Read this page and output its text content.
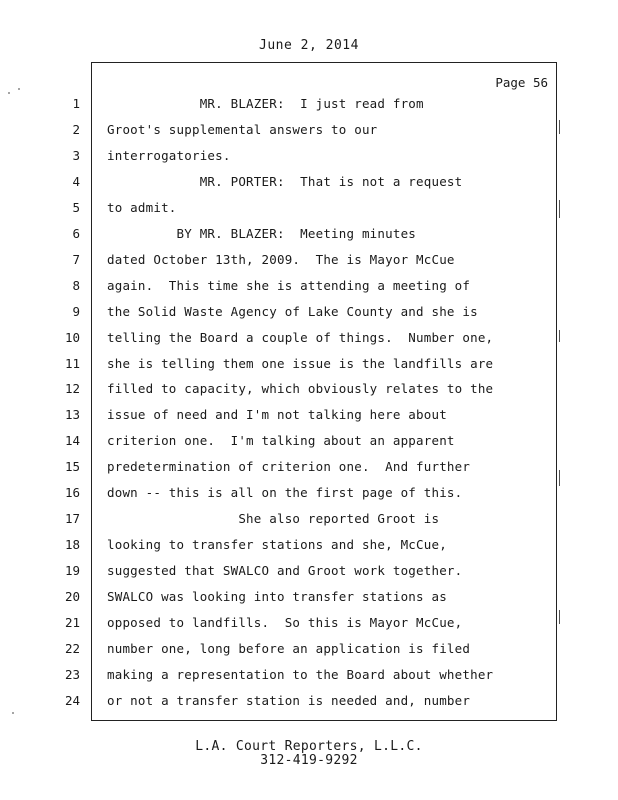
June 2, 2014
Page 56
1 MR. BLAZER:  I just read from
2 Groot's supplemental answers to our
3 interrogatories.
4 MR. PORTER:  That is not a request
5 to admit.
6 BY MR. BLAZER:  Meeting minutes
7 dated October 13th, 2009.  The is Mayor McCue
8 again.  This time she is attending a meeting of
9 the Solid Waste Agency of Lake County and she is
10 telling the Board a couple of things.  Number one,
11 she is telling them one issue is the landfills are
12 filled to capacity, which obviously relates to the
13 issue of need and I'm not talking here about
14 criterion one.  I'm talking about an apparent
15 predetermination of criterion one.  And further
16 down -- this is all on the first page of this.
17 She also reported Groot is
18 looking to transfer stations and she, McCue,
19 suggested that SWALCO and Groot work together.
20 SWALCO was looking into transfer stations as
21 opposed to landfills.  So this is Mayor McCue,
22 number one, long before an application is filed
23 making a representation to the Board about whether
24 or not a transfer station is needed and, number
L.A. Court Reporters, L.L.C.
312-419-9292
